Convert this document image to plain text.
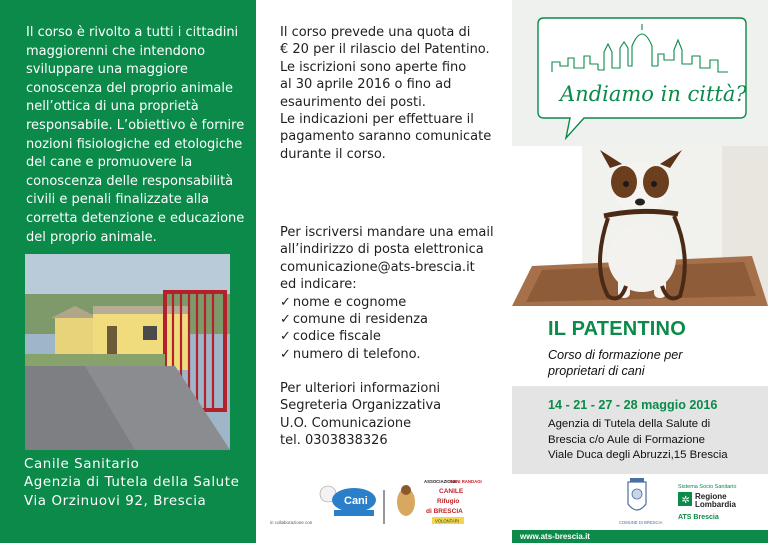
Il corso è rivolto a tutti i cittadini
maggiorenni che intendono
sviluppare una maggiore
conoscenza del proprio animale
nell’ottica di una proprietà
responsabile. L’obiettivo è fornire
nozioni fisiologiche ed etologiche
del cane e promuovere la
conoscenza delle responsabilità
civili e penali finalizzate alla
corretta detenzione e educazione
del proprio animale.
Canile Sanitario
Agenzia di Tutela della Salute
Via Orzinuovi 92, Brescia
Il corso prevede una quota di
€ 20 per il rilascio del Patentino.
Le iscrizioni sono aperte fino
al 30 aprile 2016 o fino ad
esaurimento dei posti.
Le indicazioni per effettuare il
pagamento saranno comunicate
durante il corso.
Per iscriversi mandare una email
all’indirizzo di posta elettronica
comunicazione@ats-brescia.it
ed indicare:
✓ nome e cognome
✓ comune di residenza
✓ codice fiscale
✓ numero di telefono.
Per ulteriori informazioni
Segreteria Organizzativa
U.O. Comunicazione
tel. 0303838326
in collaborazione con
Cani
ASSOCIAZIONE
CANI RANDAGI
CANILE
Rifugio
di BRESCIA
VOLONTARI
Andiamo in città?
IL PATENTINO
Corso di formazione per
proprietari di cani
14 - 21 - 27 - 28 maggio 2016
Agenzia di Tutela della Salute di
Brescia c/o Aule di Formazione
Viale Duca degli Abruzzi,15 Brescia
COMUNE DI BRESCIA
Sistema Socio Sanitario
✲ Regione
Lombardia
ATS Brescia
www.ats-brescia.it
